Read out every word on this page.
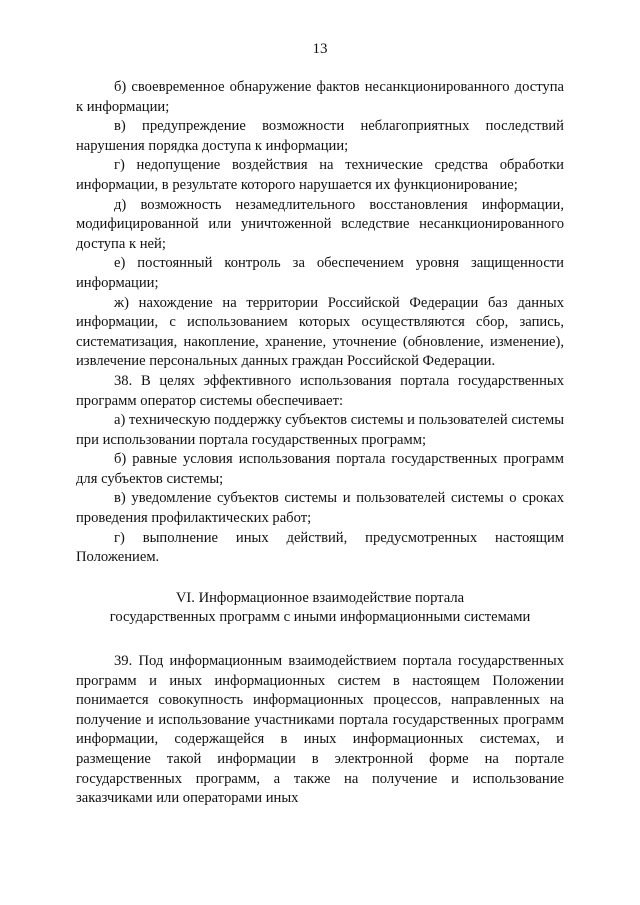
13

б) своевременное обнаружение фактов несанкционированного доступа к информации;

в) предупреждение возможности неблагоприятных последствий нарушения порядка доступа к информации;

г) недопущение воздействия на технические средства обработки информации, в результате которого нарушается их функционирование;

д) возможность незамедлительного восстановления информации, модифицированной или уничтоженной вследствие несанкционированного доступа к ней;

е) постоянный контроль за обеспечением уровня защищенности информации;

ж) нахождение на территории Российской Федерации баз данных информации, с использованием которых осуществляются сбор, запись, систематизация, накопление, хранение, уточнение (обновление, изменение), извлечение персональных данных граждан Российской Федерации.

38. В целях эффективного использования портала государственных программ оператор системы обеспечивает:

а) техническую поддержку субъектов системы и пользователей системы при использовании портала государственных программ;

б) равные условия использования портала государственных программ для субъектов системы;

в) уведомление субъектов системы и пользователей системы о сроках проведения профилактических работ;

г) выполнение иных действий, предусмотренных настоящим Положением.

VI. Информационное взаимодействие портала
государственных программ с иными информационными системами

39. Под информационным взаимодействием портала государственных программ и иных информационных систем в настоящем Положении понимается совокупность информационных процессов, направленных на получение и использование участниками портала государственных программ информации, содержащейся в иных информационных системах, и размещение такой информации в электронной форме на портале государственных программ, а также на получение и использование заказчиками или операторами иных
